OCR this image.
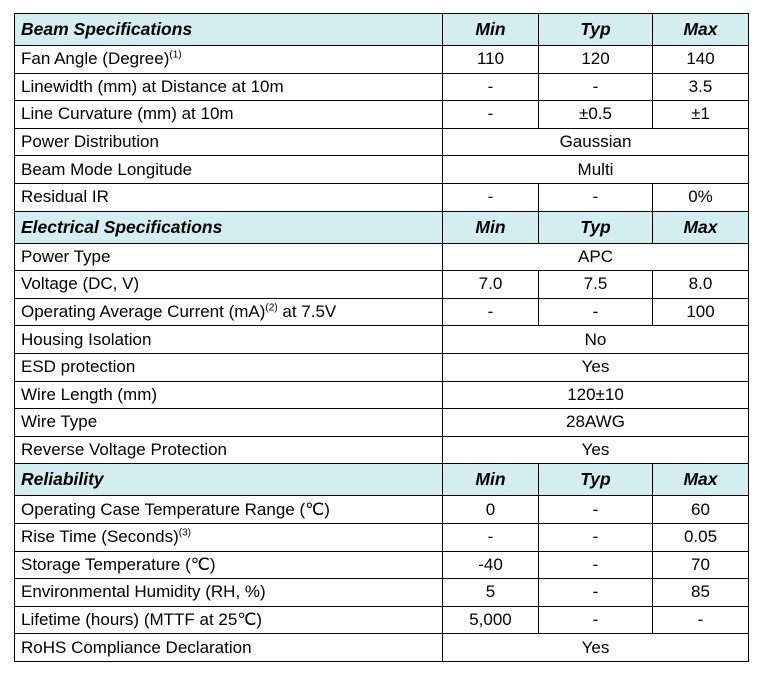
Beam Specifications	Min	Typ	Max
Fan Angle (Degree)$^{(1)}$	110	120	140
Linewidth (mm) at Distance at 10m	-	-	3.5
Line Curvature (mm) at 10m	-	±0.5	±1
Power Distribution	Gaussian		
Beam Mode Longitude	Multi		
Residual IR	-	-	0%
Electrical Specifications	Min	Typ	Max
Power Type	APC		
Voltage (DC, V)	7.0	7.5	8.0
Operating Average Current (mA)$^{(2)}$ at 7.5V	-	-	100
Housing Isolation	No		
ESD protection	Yes		
Wire Length (mm)	120±10		
Wire Type	28AWG		
Reverse Voltage Protection	Yes		
Reliability	Min	Typ	Max
Operating Case Temperature Range (℃)	0	-	60
Rise Time (Seconds)$^{(3)}$	-	-	0.05
Storage Temperature (℃)	-40	-	70
Environmental Humidity (RH, %)	5	-	85
Lifetime (hours) (MTTF at 25℃)	5,000	-	-
RoHS Compliance Declaration	Yes		
